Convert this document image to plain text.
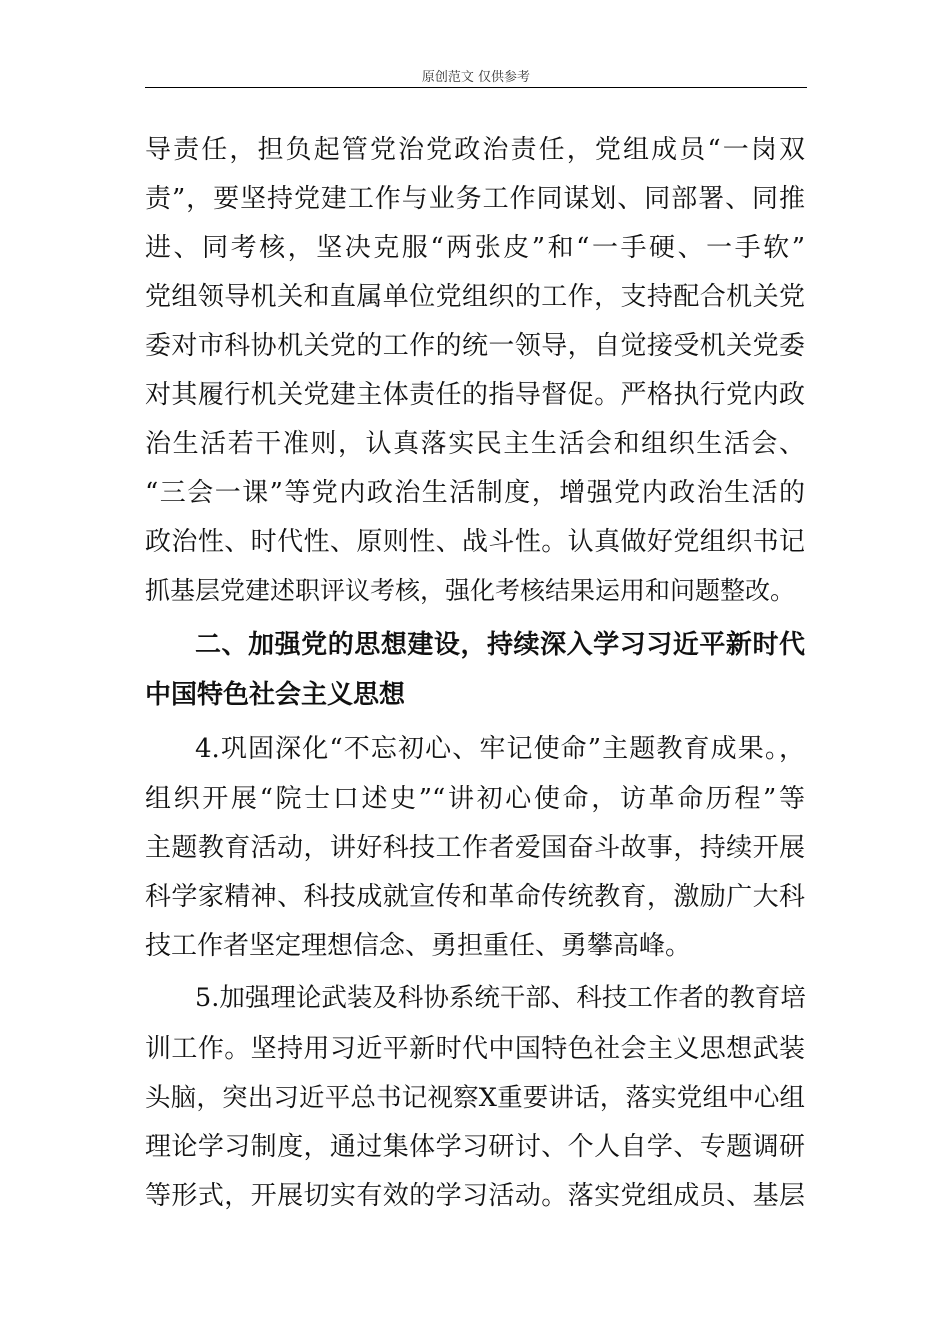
原创范文 仅供参考
导责任，担负起管党治党政治责任，党组成员“一岗双
责”，要坚持党建工作与业务工作同谋划、同部署、同推
进、同考核，坚决克服“两张皮”和“一手硬、一手软”
党组领导机关和直属单位党组织的工作，支持配合机关党
委对市科协机关党的工作的统一领导，自觉接受机关党委
对其履行机关党建主体责任的指导督促。严格执行党内政
治生活若干准则，认真落实民主生活会和组织生活会、
“三会一课”等党内政治生活制度，增强党内政治生活的
政治性、时代性、原则性、战斗性。认真做好党组织书记
抓基层党建述职评议考核，强化考核结果运用和问题整改。
二、加强党的思想建设，持续深入学习习近平新时代
中国特色社会主义思想
4.巩固深化“不忘初心、牢记使命”主题教育成果。，
组织开展“院士口述史”“讲初心使命，访革命历程”等
主题教育活动，讲好科技工作者爱国奋斗故事，持续开展
科学家精神、科技成就宣传和革命传统教育，激励广大科
技工作者坚定理想信念、勇担重任、勇攀高峰。
5.加强理论武装及科协系统干部、科技工作者的教育培
训工作。坚持用习近平新时代中国特色社会主义思想武装
头脑，突出习近平总书记视察X重要讲话，落实党组中心组
理论学习制度，通过集体学习研讨、个人自学、专题调研
等形式，开展切实有效的学习活动。落实党组成员、基层
